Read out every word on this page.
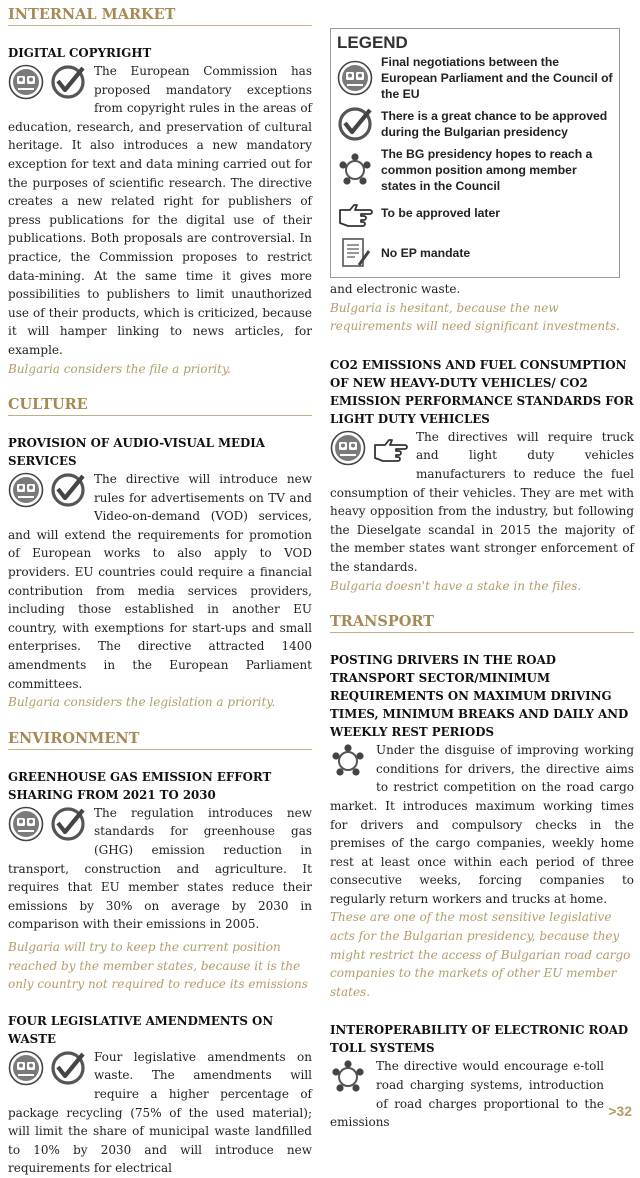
INTERNAL MARKET
DIGITAL COPYRIGHT

The European Commission has proposed mandatory exceptions from copyright rules in the areas of education, research, and preservation of cultural heritage. It also introduces a new mandatory exception for text and data mining carried out for the purposes of scientific research. The directive creates a new related right for publishers of press publications for the digital use of their publications. Both proposals are controversial. In practice, the Commission proposes to restrict data-mining. At the same time it gives more possibilities to publishers to limit unauthorized use of their products, which is criticized, because it will hamper linking to news articles, for example.

Bulgaria considers the file a priority.

CULTURE
PROVISION OF AUDIO-VISUAL MEDIA SERVICES

The directive will introduce new rules for advertisements on TV and Video-on-demand (VOD) services, and will extend the requirements for promotion of European works to also apply to VOD providers. EU countries could require a financial contribution from media services providers, including those established in another EU country, with exemptions for start-ups and small enterprises. The directive attracted 1400 amendments in the European Parliament committees.

Bulgaria considers the legislation a priority.

ENVIRONMENT
GREENHOUSE GAS EMISSION EFFORT SHARING FROM 2021 TO 2030

The regulation introduces new standards for greenhouse gas (GHG) emission reduction in transport, construction and agriculture. It requires that EU member states reduce their emissions by 30% on average by 2030 in comparison with their emissions in 2005.

Bulgaria will try to keep the current position reached by the member states, because it is the only country not required to reduce its emissions

FOUR LEGISLATIVE AMENDMENTS ON WASTE

Four legislative amendments on waste. The amendments will require a higher percentage of package recycling (75% of the used material); will limit the share of municipal waste landfilled to 10% by 2030 and will introduce new requirements for electrical

LEGEND
Final negotiations between the European Parliament and the Council of the EU
There is a great chance to be approved during the Bulgarian presidency
The BG presidency hopes to reach a common position among member states in the Council
To be approved later
No EP mandate

and electronic waste.

Bulgaria is hesitant, because the new requirements will need significant investments.

CO2 EMISSIONS AND FUEL CONSUMPTION OF NEW HEAVY-DUTY VEHICLES/ CO2 EMISSION PERFORMANCE STANDARDS FOR LIGHT DUTY VEHICLES

The directives will require truck and light duty vehicles manufacturers to reduce the fuel consumption of their vehicles. They are met with heavy opposition from the industry, but following the Dieselgate scandal in 2015 the majority of the member states want stronger enforcement of the standards.

Bulgaria doesn't have a stake in the files.

TRANSPORT
POSTING DRIVERS IN THE ROAD TRANSPORT SECTOR/MINIMUM REQUIREMENTS ON MAXIMUM DRIVING TIMES, MINIMUM BREAKS AND DAILY AND WEEKLY REST PERIODS

Under the disguise of improving working conditions for drivers, the directive aims to restrict competition on the road cargo market. It introduces maximum working times for drivers and compulsory checks in the premises of the cargo companies, weekly home rest at least once within each period of three consecutive weeks, forcing companies to regularly return workers and trucks at home.

These are one of the most sensitive legislative acts for the Bulgarian presidency, because they might restrict the access of Bulgarian road cargo companies to the markets of other EU member states.

INTEROPERABILITY OF ELECTRONIC ROAD TOLL SYSTEMS

The directive would encourage e-toll road charging systems, introduction of road charges proportional to the emissions

>32
